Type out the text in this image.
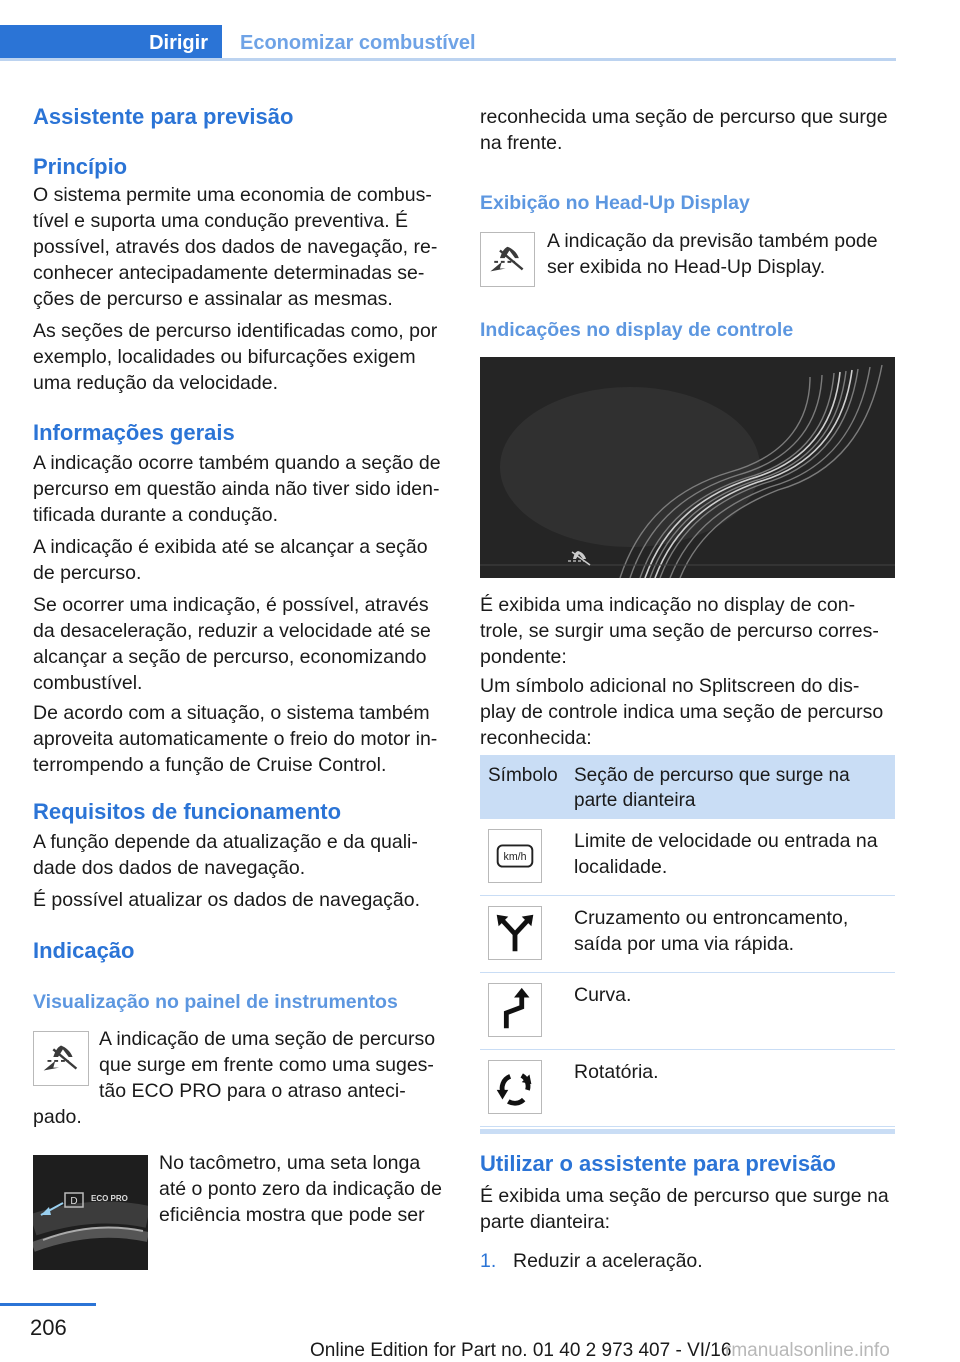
Dirigir	Economizar combustível
Assistente para previsão
Princípio

O sistema permite uma economia de combus-
tível e suporta uma condução preventiva. É
possível, através dos dados de navegação, re-
conhecer antecipadamente determinadas se-
ções de percurso e assinalar as mesmas.

As seções de percurso identificadas como, por
exemplo, localidades ou bifurcações exigem
uma redução da velocidade.

Informações gerais

A indicação ocorre também quando a seção de
percurso em questão ainda não tiver sido iden-
tificada durante a condução.

A indicação é exibida até se alcançar a seção
de percurso.

Se ocorrer uma indicação, é possível, através
da desaceleração, reduzir a velocidade até se
alcançar a seção de percurso, economizando
combustível.

De acordo com a situação, o sistema também
aproveita automaticamente o freio do motor in-
terrompendo a função de Cruise Control.

Requisitos de funcionamento

A função depende da atualização e da quali-
dade dos dados de navegação.

É possível atualizar os dados de navegação.

Indicação
Visualização no painel de instrumentos

A indicação de uma seção de percurso
que surge em frente como uma suges-
tão ECO PRO para o atraso anteci-

pado.

D ECO PRO

No tacômetro, uma seta longa
até o ponto zero da indicação de
eficiência mostra que pode ser

reconhecida uma seção de percurso que surge
na frente.

Exibição no Head-Up Display

A indicação da previsão também pode
ser exibida no Head-Up Display.

Indicações no display de controle

É exibida uma indicação no display de con-
trole, se surgir uma seção de percurso corres-
pondente:

Um símbolo adicional no Splitscreen do dis-
play de controle indica uma seção de percurso
reconhecida:

Símbolo Seção de percurso que surge na
parte dianteira
km/h
Limite de velocidade ou entrada na
localidade.
Cruzamento ou entroncamento,
saída por uma via rápida.
Curva.
Rotatória.
Utilizar o assistente para previsão

É exibida uma seção de percurso que surge na
parte dianteira:

1. Reduzir a aceleração.
206
Online Edition for Part no. 01 40 2 973 407 - VI/16
rmanualsonline.info
